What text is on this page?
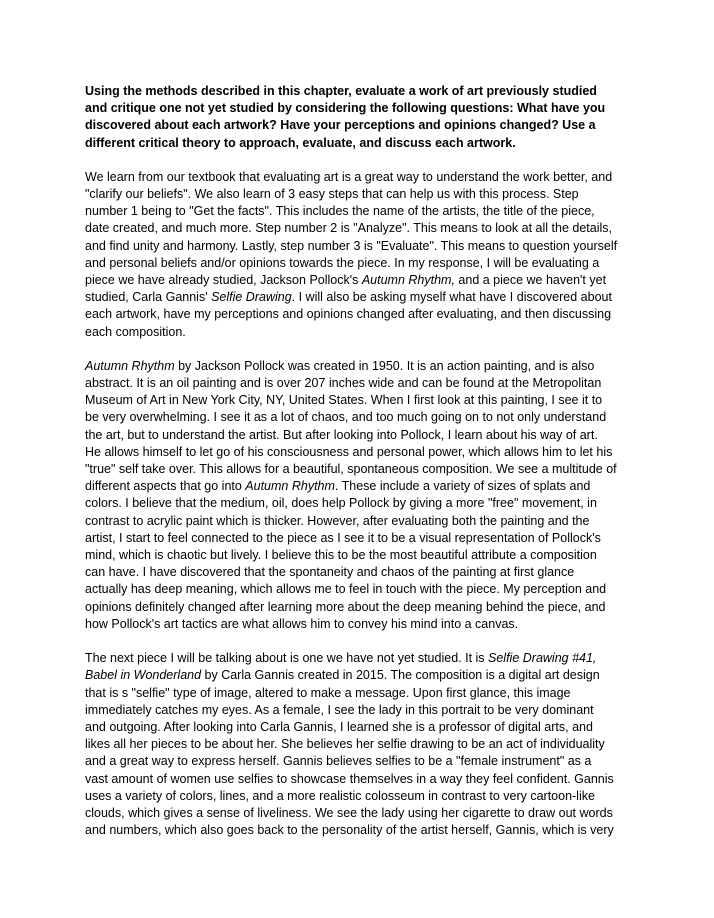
Using the methods described in this chapter, evaluate a work of art previously studied
and critique one not yet studied by considering the following questions: What have you
discovered about each artwork? Have your perceptions and opinions changed? Use a
different critical theory to approach, evaluate, and discuss each artwork.

We learn from our textbook that evaluating art is a great way to understand the work better, and
"clarify our beliefs". We also learn of 3 easy steps that can help us with this process. Step
number 1 being to "Get the facts". This includes the name of the artists, the title of the piece,
date created, and much more. Step number 2 is "Analyze". This means to look at all the details,
and find unity and harmony. Lastly, step number 3 is "Evaluate". This means to question yourself
and personal beliefs and/or opinions towards the piece. In my response, I will be evaluating a
piece we have already studied, Jackson Pollock's Autumn Rhythm, and a piece we haven't yet
studied, Carla Gannis' Selfie Drawing. I will also be asking myself what have I discovered about
each artwork, have my perceptions and opinions changed after evaluating, and then discussing
each composition.

Autumn Rhythm by Jackson Pollock was created in 1950. It is an action painting, and is also
abstract. It is an oil painting and is over 207 inches wide and can be found at the Metropolitan
Museum of Art in New York City, NY, United States. When I first look at this painting, I see it to
be very overwhelming. I see it as a lot of chaos, and too much going on to not only understand
the art, but to understand the artist. But after looking into Pollock, I learn about his way of art.
He allows himself to let go of his consciousness and personal power, which allows him to let his
"true" self take over. This allows for a beautiful, spontaneous composition. We see a multitude of
different aspects that go into Autumn Rhythm. These include a variety of sizes of splats and
colors. I believe that the medium, oil, does help Pollock by giving a more "free" movement, in
contrast to acrylic paint which is thicker. However, after evaluating both the painting and the
artist, I start to feel connected to the piece as I see it to be a visual representation of Pollock's
mind, which is chaotic but lively. I believe this to be the most beautiful attribute a composition
can have. I have discovered that the spontaneity and chaos of the painting at first glance
actually has deep meaning, which allows me to feel in touch with the piece. My perception and
opinions definitely changed after learning more about the deep meaning behind the piece, and
how Pollock's art tactics are what allows him to convey his mind into a canvas.

The next piece I will be talking about is one we have not yet studied. It is Selfie Drawing #41,
Babel in Wonderland by Carla Gannis created in 2015. The composition is a digital art design
that is s "selfie" type of image, altered to make a message. Upon first glance, this image
immediately catches my eyes. As a female, I see the lady in this portrait to be very dominant
and outgoing. After looking into Carla Gannis, I learned she is a professor of digital arts, and
likes all her pieces to be about her. She believes her selfie drawing to be an act of individuality
and a great way to express herself. Gannis believes selfies to be a "female instrument" as a
vast amount of women use selfies to showcase themselves in a way they feel confident. Gannis
uses a variety of colors, lines, and a more realistic colosseum in contrast to very cartoon-like
clouds, which gives a sense of liveliness. We see the lady using her cigarette to draw out words
and numbers, which also goes back to the personality of the artist herself, Gannis, which is very
